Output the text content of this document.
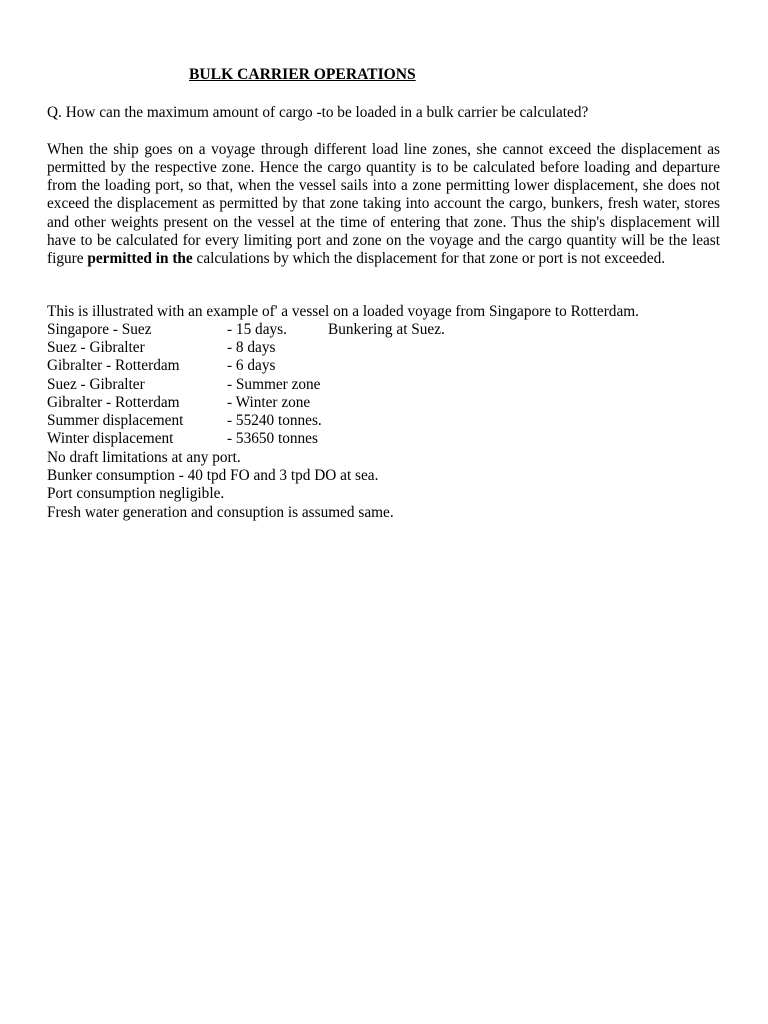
BULK CARRIER OPERATIONS
Q. How can the maximum amount of cargo -to be loaded in a bulk carrier be calculated?
When the ship goes on a voyage through different load line zones, she cannot exceed the displacement as permitted by the respective zone. Hence the cargo quantity is to be calculated before loading and departure from the loading port, so that, when the vessel sails into a zone permitting lower displacement, she does not exceed the displacement as permitted by that zone taking into account the cargo, bunkers, fresh water, stores and other weights present on the vessel at the time of entering that zone. Thus the ship's displacement will have to be calculated for every limiting port and zone on the voyage and the cargo quantity will be the least figure permitted in the calculations by which the displacement for that zone or port is not exceeded.
This is illustrated with an example of' a vessel on a loaded voyage from Singapore to Rotterdam.
Singapore - Suez	- 15 days.	Bunkering at Suez.
Suez - Gibralter	- 8 days
Gibralter - Rotterdam	- 6 days
Suez - Gibralter	- Summer zone
Gibralter - Rotterdam	- Winter zone
Summer displacement	- 55240 tonnes.
Winter displacement	- 53650 tonnes
No draft limitations at any port.
Bunker consumption - 40 tpd FO and 3 tpd DO at sea.
Port consumption negligible.
Fresh water generation and consuption is assumed same.
